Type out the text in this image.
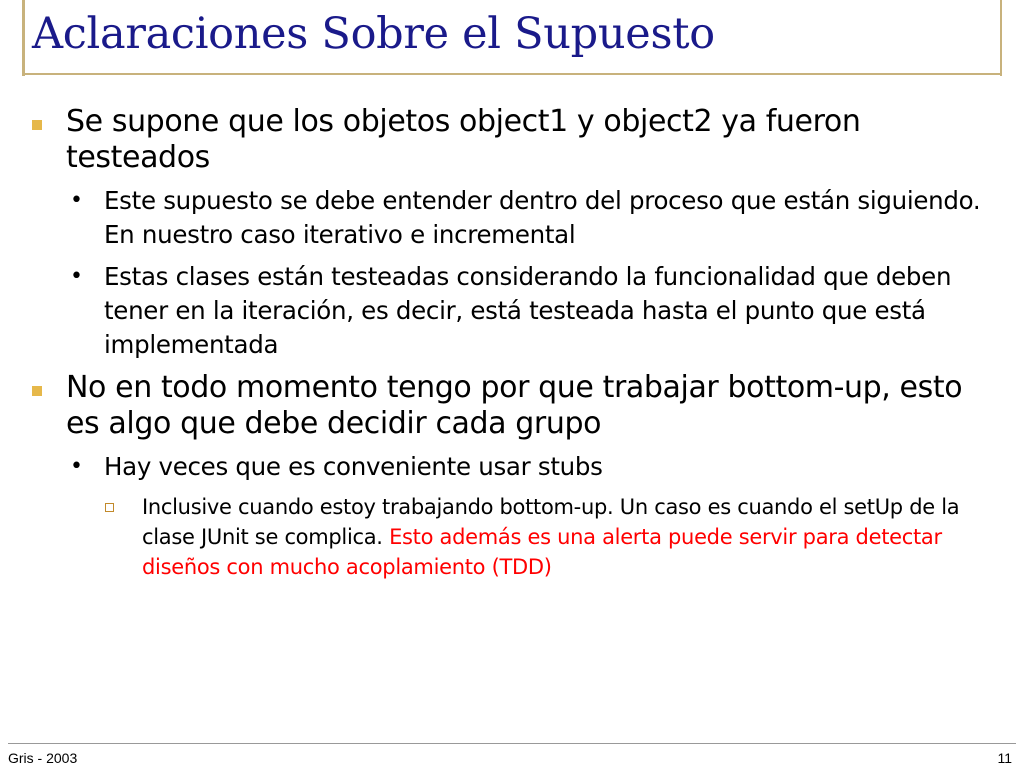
Aclaraciones Sobre el Supuesto
Se supone que los objetos object1 y object2 ya fueron testeados
• Este supuesto se debe entender dentro del proceso que están siguiendo. En nuestro caso iterativo e incremental
• Estas clases están testeadas considerando la funcionalidad que deben tener en la iteración, es decir, está testeada hasta el punto que está implementada
No en todo momento tengo por que trabajar bottom-up, esto es algo que debe decidir cada grupo
• Hay veces que es conveniente usar stubs
Inclusive cuando estoy trabajando bottom-up. Un caso es cuando el setUp de la clase JUnit se complica. Esto además es una alerta puede servir para detectar diseños con mucho acoplamiento (TDD)
Gris - 2003	11
